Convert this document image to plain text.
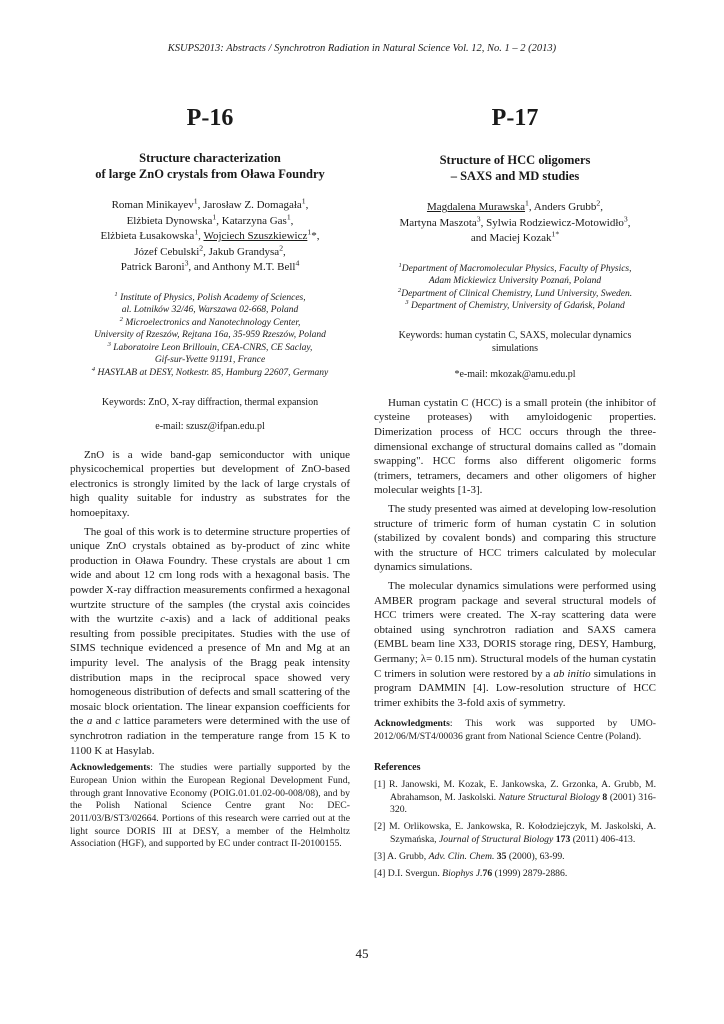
KSUPS2013: Abstracts / Synchrotron Radiation in Natural Science Vol. 12, No. 1 – 2 (2013)
P-16
Structure characterization
of large ZnO crystals from Oława Foundry
Roman Minikayev$^1$, Jarosław Z. Domagała$^1$,
Elżbieta Dynowska$^1$, Katarzyna Gas$^1$,
Elżbieta Łusakowska$^1$, Wojciech Szuszkiewicz$^1$*,
Józef Cebulski$^2$, Jakub Grandysa$^2$,
Patrick Baroni$^3$, and Anthony M.T. Bell$^4$
$^1$ Institute of Physics, Polish Academy of Sciences,
al. Lotników 32/46, Warszawa 02-668, Poland
$^2$ Microelectronics and Nanotechnology Center,
University of Rzeszów, Rejtana 16a, 35-959 Rzeszów, Poland
$^3$ Laboratoire Leon Brillouin, CEA-CNRS, CE Saclay,
Gif-sur-Yvette 91191, France
$^4$ HASYLAB at DESY, Notkestr. 85, Hamburg 22607, Germany
Keywords: ZnO, X-ray diffraction, thermal expansion
e-mail: szusz@ifpan.edu.pl

ZnO is a wide band-gap semiconductor with unique physicochemical properties but development of ZnO-based electronics is strongly limited by the lack of large crystals of high quality suitable for industry as substrates for the homoepitaxy.

The goal of this work is to determine structure properties of unique ZnO crystals obtained as by-product of zinc white production in Oława Foundry. These crystals are about 1 cm wide and about 12 cm long rods with a hexagonal basis. The powder X-ray diffraction measurements confirmed a hexagonal wurtzite structure of the samples (the crystal axis coincides with the wurtzite c-axis) and a lack of additional peaks resulting from possible precipitates. Studies with the use of SIMS technique evidenced a presence of Mn and Mg at an impurity level. The analysis of the Bragg peak intensity distribution maps in the reciprocal space showed very homogeneous distribution of defects and small scattering of the mosaic block orientation. The linear expansion coefficients for the a and c lattice parameters were determined with the use of synchrotron radiation in the temperature range from 15 K to 1100 K at Hasylab.

Acknowledgements: The studies were partially supported by the European Union within the European Regional Development Fund, through grant Innovative Economy (POIG.01.01.02-00-008/08), and by the Polish National Science Centre grant No: DEC-2011/03/B/ST3/02664. Portions of this research were carried out at the light source DORIS III at DESY, a member of the Helmholtz Association (HGF), and supported by EC under contract II-20100155.

P-17
Structure of HCC oligomers
– SAXS and MD studies
Magdalena Murawska$^1$, Anders Grubb$^2$,
Martyna Maszota$^3$, Sylwia Rodziewicz-Motowidło$^3$,
and Maciej Kozak$^{1*}$
$^1$Department of Macromolecular Physics, Faculty of Physics,
Adam Mickiewicz University Poznań, Poland
$^2$Department of Clinical Chemistry, Lund University, Sweden.
$^3$ Department of Chemistry, University of Gdańsk, Poland
Keywords: human cystatin C, SAXS, molecular dynamics
simulations
*e-mail: mkozak@amu.edu.pl

Human cystatin C (HCC) is a small protein (the inhibitor of cysteine proteases) with amyloidogenic properties. Dimerization process of HCC occurs through the three-dimensional exchange of structural domains called as "domain swapping". HCC forms also different oligomeric forms (trimers, tetramers, decamers and other oligomers of higher molecular weights [1-3].

The study presented was aimed at developing low-resolution structure of trimeric form of human cystatin C in solution (stabilized by covalent bonds) and comparing this structure with the structure of HCC trimers calculated by molecular dynamics simulations.

The molecular dynamics simulations were performed using AMBER program package and several structural models of HCC trimers were created. The X-ray scattering data were obtained using synchrotron radiation and SAXS camera (EMBL beam line X33, DORIS storage ring, DESY, Hamburg, Germany; λ= 0.15 nm). Structural models of the human cystatin C trimers in solution were restored by a ab initio simulations in program DAMMIN [4]. Low-resolution structure of HCC trimer exhibits the 3-fold axis of symmetry.

Acknowledgments: This work was supported by UMO-2012/06/M/ST4/00036 grant from National Science Centre (Poland).

References

[1] R. Janowski, M. Kozak, E. Jankowska, Z. Grzonka, A. Grubb, M. Abrahamson, M. Jaskolski. Nature Structural Biology 8 (2001) 316-320.

[2] M. Orlikowska, E. Jankowska, R. Kołodziejczyk, M. Jaskolski, A. Szymańska, Journal of Structural Biology 173 (2011) 406-413.

[3] A. Grubb, Adv. Clin. Chem. 35 (2000), 63-99.

[4] D.I. Svergun. Biophys J.76 (1999) 2879-2886.

45
